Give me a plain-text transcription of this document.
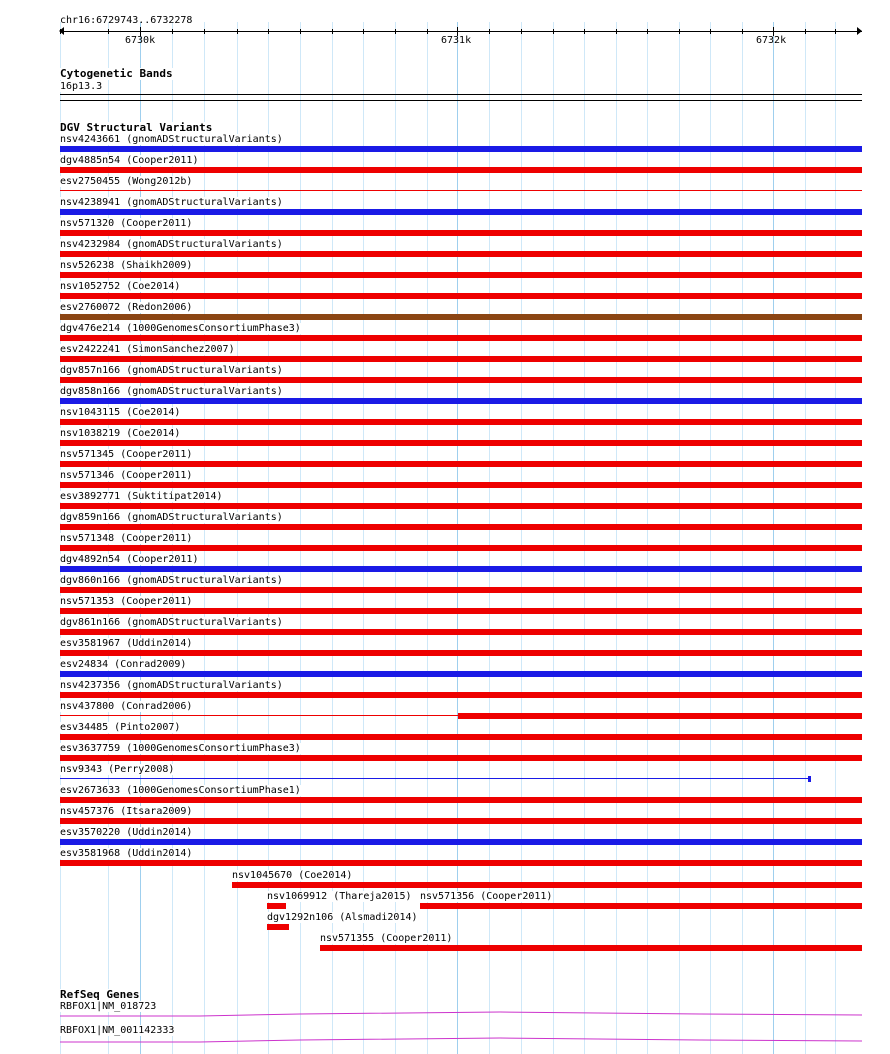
chr16:6729743..6732278
6730k	6731k	6732k
Cytogenetic Bands
16p13.3
DGV Structural Variants
nsv4243661 (gnomADStructuralVariants)
dgv4885n54 (Cooper2011)
esv2750455 (Wong2012b)
nsv4238941 (gnomADStructuralVariants)
nsv571320 (Cooper2011)
nsv4232984 (gnomADStructuralVariants)
nsv526238 (Shaikh2009)
nsv1052752 (Coe2014)
esv2760072 (Redon2006)
dgv476e214 (1000GenomesConsortiumPhase3)
esv2422241 (SimonSanchez2007)
dgv857n166 (gnomADStructuralVariants)
dgv858n166 (gnomADStructuralVariants)
nsv1043115 (Coe2014)
nsv1038219 (Coe2014)
nsv571345 (Cooper2011)
nsv571346 (Cooper2011)
esv3892771 (Suktitipat2014)
dgv859n166 (gnomADStructuralVariants)
nsv571348 (Cooper2011)
dgv4892n54 (Cooper2011)
dgv860n166 (gnomADStructuralVariants)
nsv571353 (Cooper2011)
dgv861n166 (gnomADStructuralVariants)
esv3581967 (Uddin2014)
esv24834 (Conrad2009)
nsv4237356 (gnomADStructuralVariants)
nsv437800 (Conrad2006)
esv34485 (Pinto2007)
esv3637759 (1000GenomesConsortiumPhase3)
nsv9343 (Perry2008)
esv2673633 (1000GenomesConsortiumPhase1)
nsv457376 (Itsara2009)
esv3570220 (Uddin2014)
esv3581968 (Uddin2014)
nsv1045670 (Coe2014)
nsv1069912 (Thareja2015) nsv571356 (Cooper2011)
dgv1292n106 (Alsmadi2014)
nsv571355 (Cooper2011)
RefSeq Genes
RBFOX1|NM_018723
RBFOX1|NM_001142333
